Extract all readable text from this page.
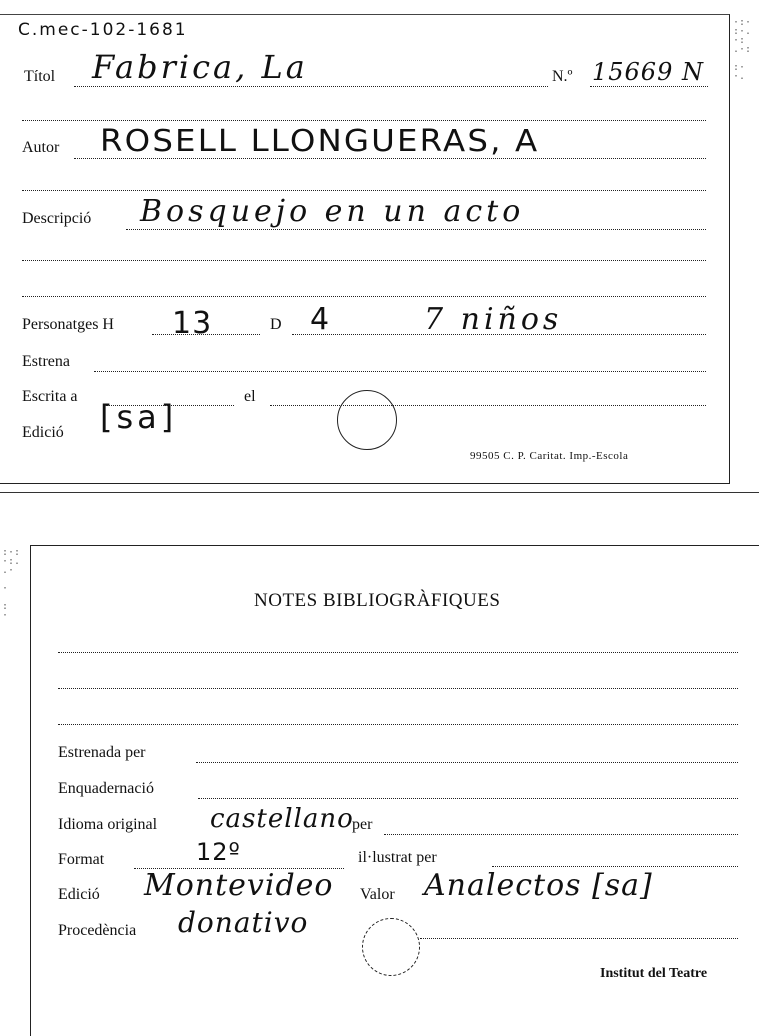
·:·
:·.
·:
.·:

:·
·.
C.mec-102-1681
Títol Fabrica, La	N.º 15669 N
Autor ROSELL LLONGUERAS, A
Descripció Bosquejo en un acto
Personatges H 13	D 4	7 niños
Estrena
Escrita a	el
Edició [sa]
99505 C. P. Caritat. Imp.-Escola
:·:
·:.
.·

·

:
·
NOTES BIBLIOGRÀFIQUES
Estrenada per
Enquadernació
Idioma original castellano
per
Format	12º	il·lustrat per
Edició Montevideo Valor Analectos [sa]
Procedència donativo
Institut del Teatre
